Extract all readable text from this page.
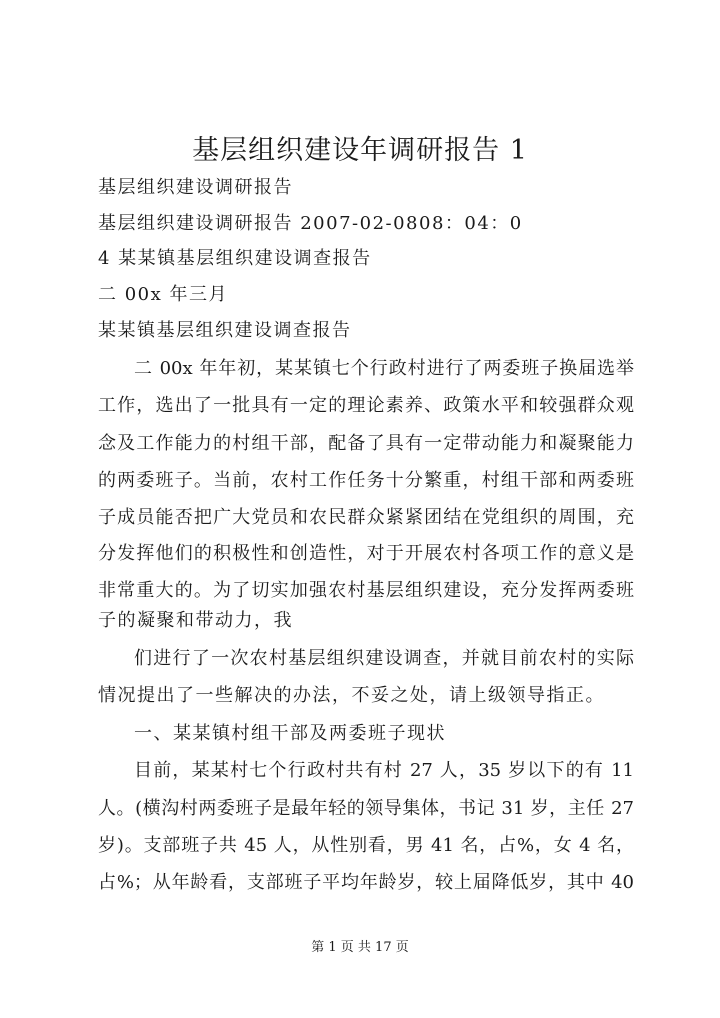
基层组织建设年调研报告 1
基层组织建设调研报告
基层组织建设调研报告 2007-02-0808：04：0
4 某某镇基层组织建设调查报告
二 00x 年三月
某某镇基层组织建设调查报告
二 00x 年年初，某某镇七个行政村进行了两委班子换届选举
工作，选出了一批具有一定的理论素养、政策水平和较强群众观
念及工作能力的村组干部，配备了具有一定带动能力和凝聚能力
的两委班子。当前，农村工作任务十分繁重，村组干部和两委班
子成员能否把广大党员和农民群众紧紧团结在党组织的周围，充
分发挥他们的积极性和创造性，对于开展农村各项工作的意义是
非常重大的。为了切实加强农村基层组织建设，充分发挥两委班
子的凝聚和带动力，我
们进行了一次农村基层组织建设调查，并就目前农村的实际
情况提出了一些解决的办法，不妥之处，请上级领导指正。
一、某某镇村组干部及两委班子现状
目前，某某村七个行政村共有村 27 人，35 岁以下的有 11
人。(横沟村两委班子是最年轻的领导集体，书记 31 岁，主任 27
岁)。支部班子共 45 人，从性别看，男 41 名，占%，女 4 名，
占%；从年龄看，支部班子平均年龄岁，较上届降低岁，其中 40
第 1 页 共 17 页
